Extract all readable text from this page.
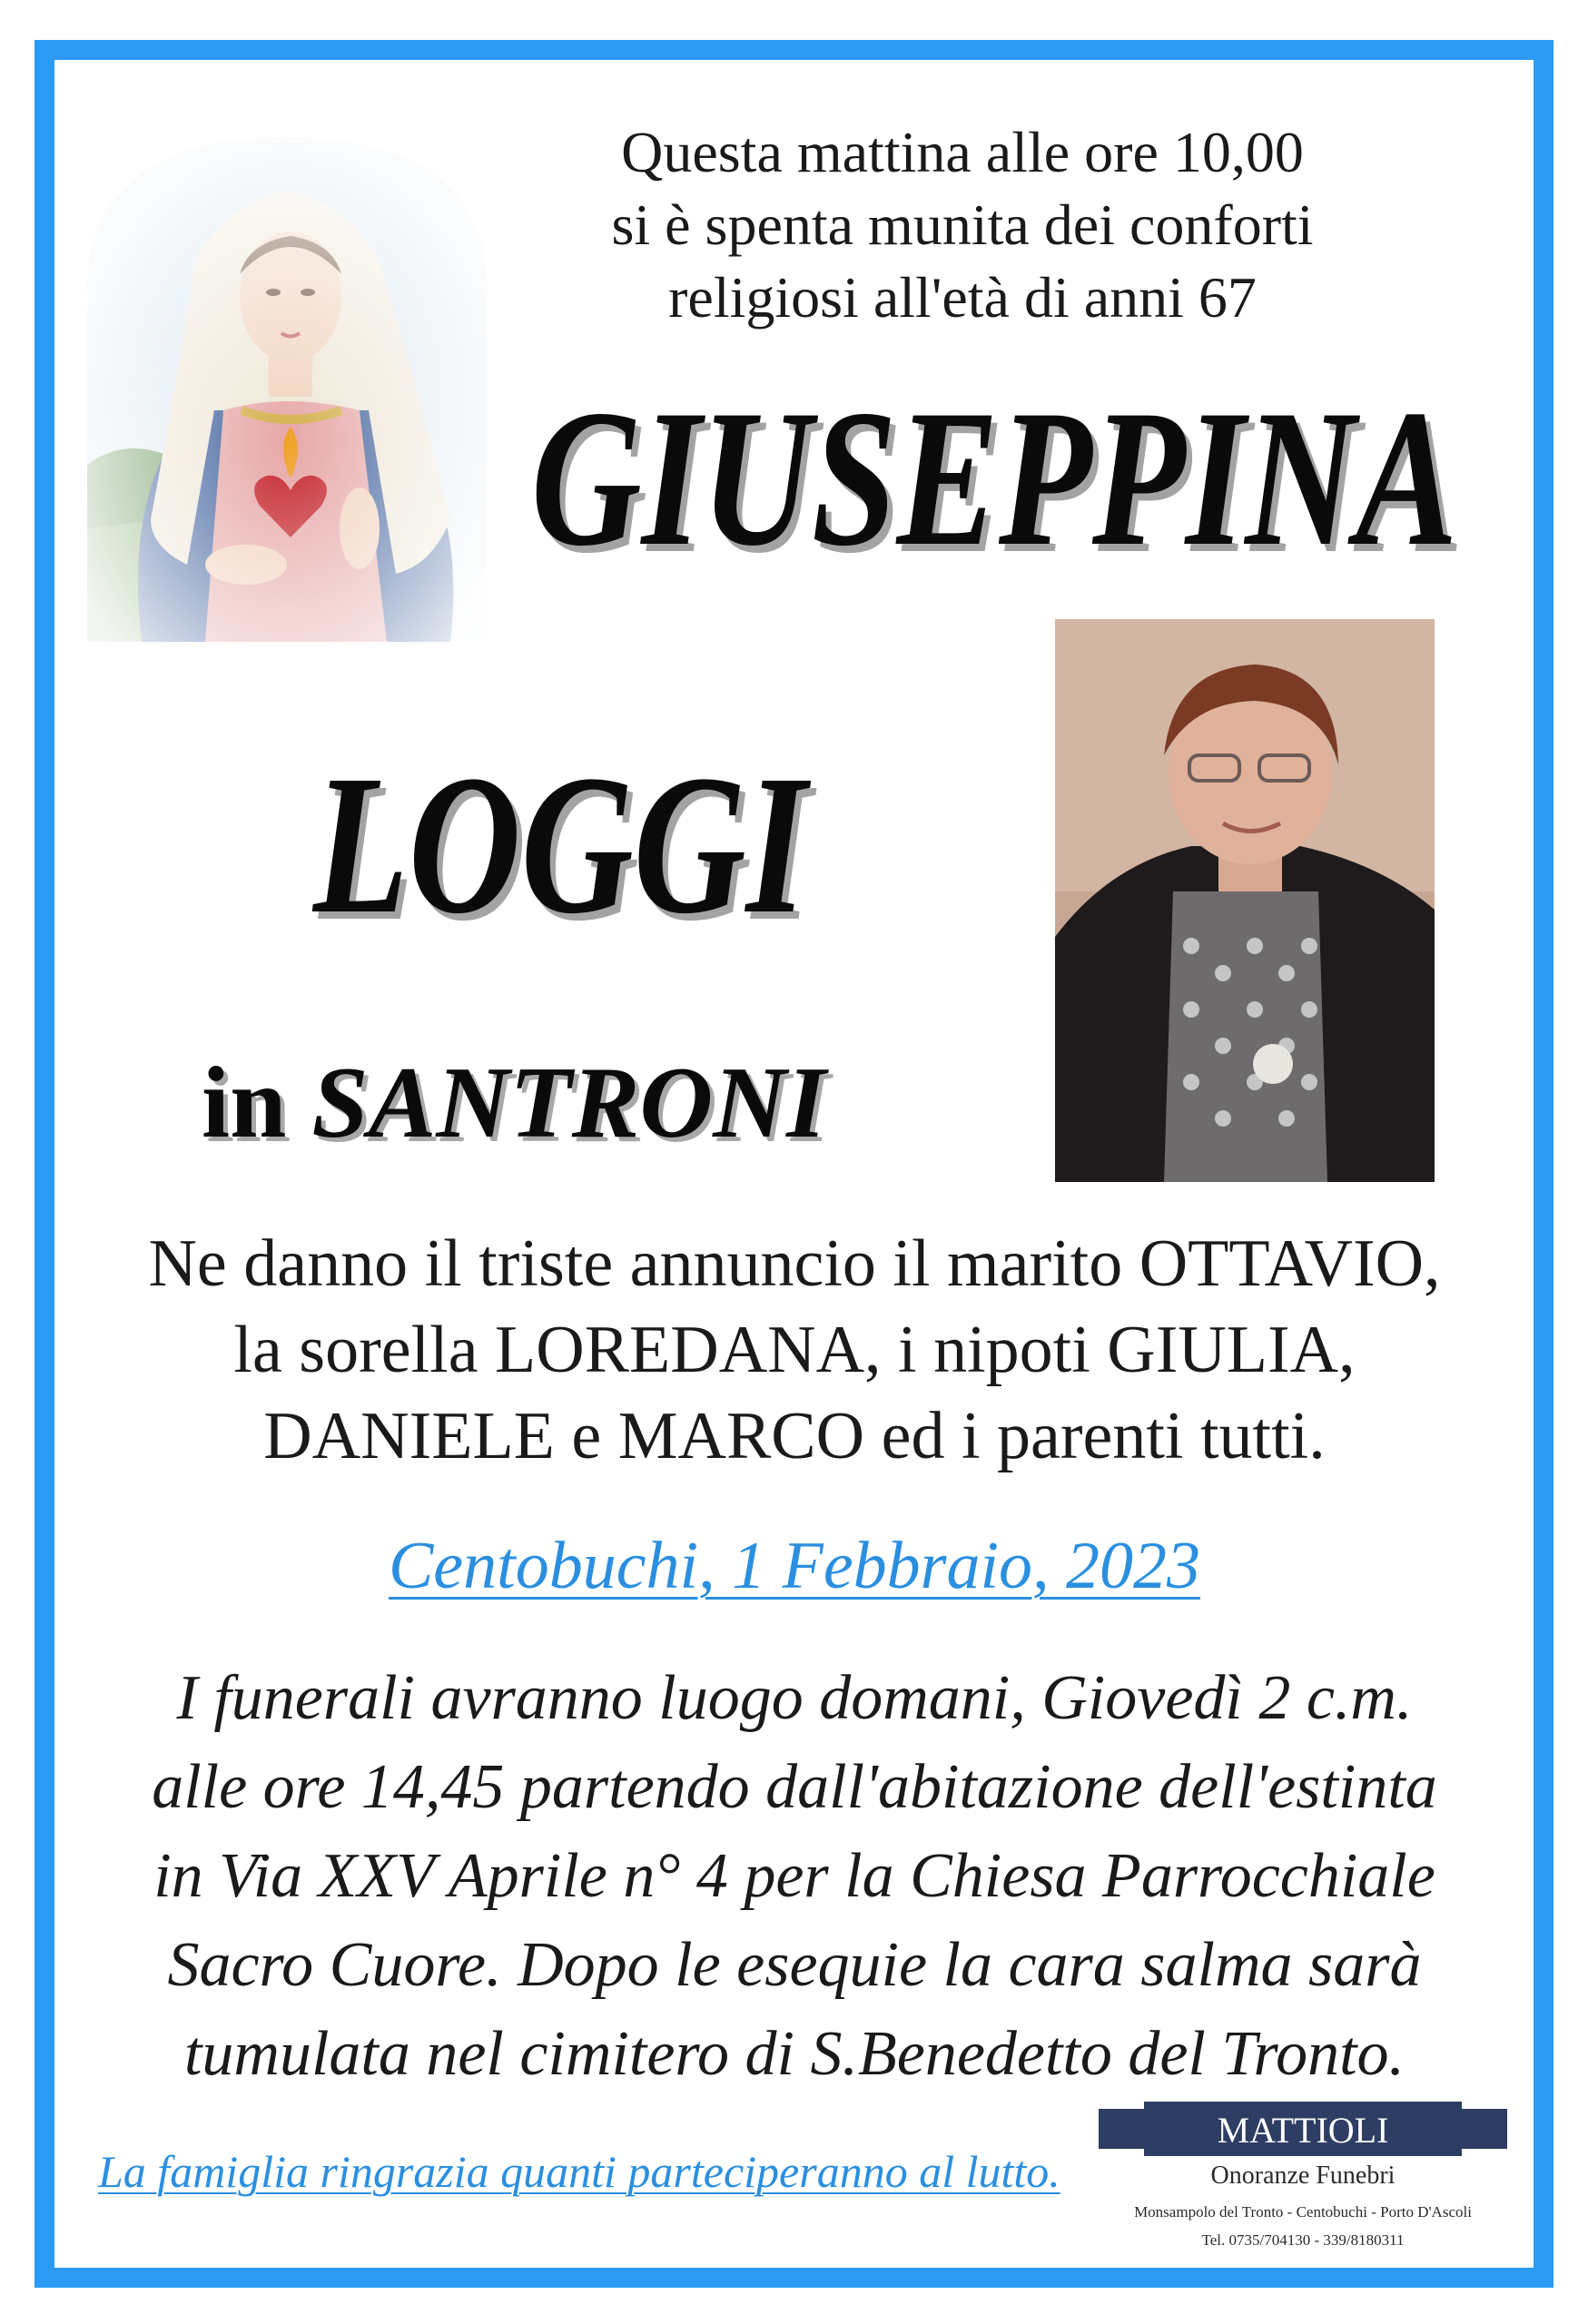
Questa mattina alle ore 10,00
si è spenta munita dei conforti
religiosi all'età di anni 67
GIUSEPPINA
LOGGI
in SANTRONI
Ne danno il triste annuncio il marito OTTAVIO,
la sorella LOREDANA, i nipoti GIULIA,
DANIELE e MARCO ed i parenti tutti.
Centobuchi, 1 Febbraio, 2023
I funerali avranno luogo domani, Giovedì 2 c.m.
alle ore 14,45 partendo dall'abitazione dell'estinta
in Via XXV Aprile n° 4 per la Chiesa Parrocchiale
Sacro Cuore. Dopo le esequie la cara salma sarà
tumulata nel cimitero di S.Benedetto del Tronto.
La famiglia ringrazia quanti parteciperanno al lutto.
MATTIOLI
Onoranze Funebri
Monsampolo del Tronto - Centobuchi - Porto D'Ascoli
Tel. 0735/704130 - 339/8180311
